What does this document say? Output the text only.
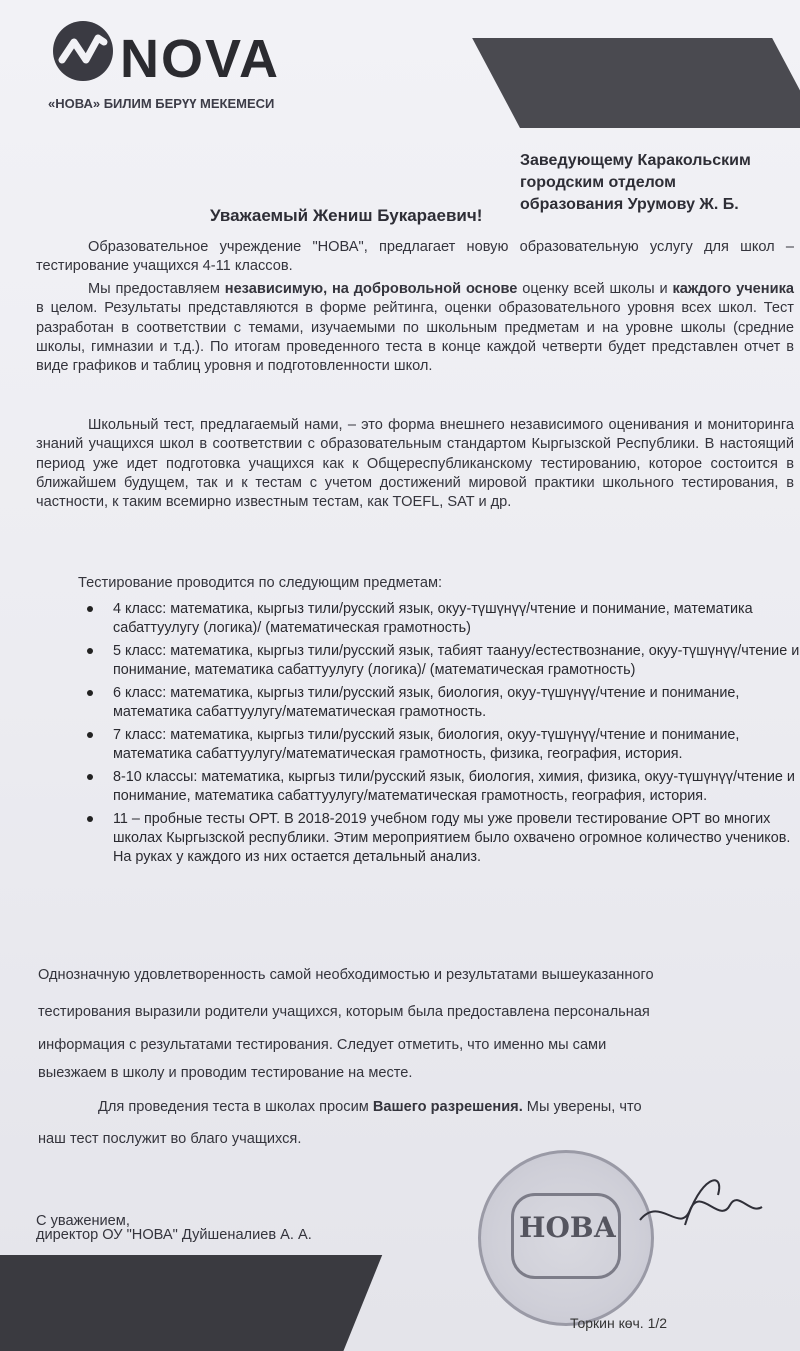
NOVA
«НОВА» БИЛИМ БЕРҮҮ МЕКЕМЕСИ
Заведующему Каракольским
городским отделом
образования Урумову Ж. Б.
Уважаемый Жениш Букараевич!
Образовательное учреждение "НОВА", предлагает новую образовательную услугу для школ – тестирование учащихся 4-11 классов.
Мы предоставляем независимую, на добровольной основе оценку всей школы и каждого ученика в целом. Результаты представляются в форме рейтинга, оценки образовательного уровня всех школ. Тест разработан в соответствии с темами, изучаемыми по школьным предметам и на уровне школы (средние школы, гимназии и т.д.). По итогам проведенного теста в конце каждой четверти будет представлен отчет в виде графиков и таблиц уровня и подготовленности школ.
Школьный тест, предлагаемый нами, – это форма внешнего независимого оценивания и мониторинга знаний учащихся школ в соответствии с образовательным стандартом Кыргызской Республики. В настоящий период уже идет подготовка учащихся как к Общереспубликанскому тестированию, которое состоится в ближайшем будущем, так и к тестам с учетом достижений мировой практики школьного тестирования, в частности, к таким всемирно известным тестам, как TOEFL, SAT и др.
Тестирование проводится по следующим предметам:
4 класс: математика, кыргыз тили/русский язык, окуу-түшүнүү/чтение и понимание, математика сабаттуулугу (логика)/ (математическая грамотность)
5 класс: математика, кыргыз тили/русский язык, табият таануу/естествознание, окуу-түшүнүү/чтение и понимание, математика сабаттуулугу (логика)/ (математическая грамотность)
6 класс: математика, кыргыз тили/русский язык, биология, окуу-түшүнүү/чтение и понимание, математика сабаттуулугу/математическая грамотность.
7 класс: математика, кыргыз тили/русский язык, биология, окуу-түшүнүү/чтение и понимание, математика сабаттуулугу/математическая грамотность, физика, география, история.
8-10 классы: математика, кыргыз тили/русский язык, биология, химия, физика, окуу-түшүнүү/чтение и понимание, математика сабаттуулугу/математическая грамотность, география, история.
11 – пробные тесты ОРТ. В 2018-2019 учебном году мы уже провели тестирование ОРТ во многих школах Кыргызской республики. Этим мероприятием было охвачено огромное количество учеников. На руках у каждого из них остается детальный анализ.
Однозначную удовлетворенность самой необходимостью и результатами вышеуказанного
тестирования выразили родители учащихся, которым была предоставлена персональная
информация с результатами тестирования. Следует отметить, что именно мы сами
выезжаем в школу и проводим тестирование на месте.
Для проведения теста в школах просим Вашего разрешения. Мы уверены, что
наш тест послужит во благо учащихся.
С уважением,
директор ОУ "НОВА" Дуйшеналиев А. А.	НОВА
Торкин көч. 1/2
